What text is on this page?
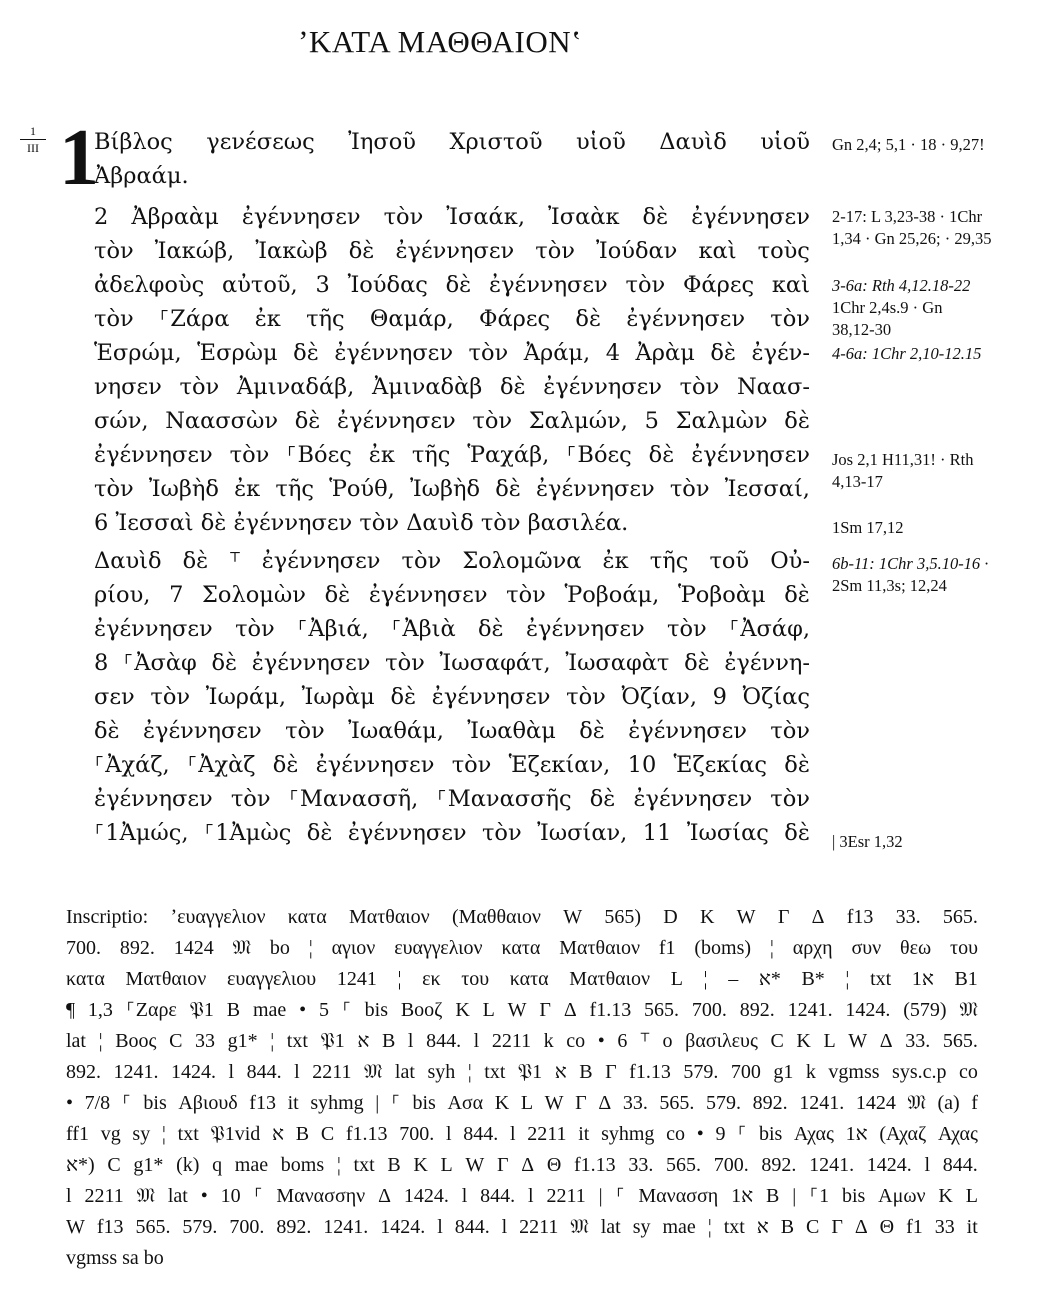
ʼΚΑΤΑ ΜΑΘΘΑΙΟΝʽ
1
III 1
Βίβλος γενέσεως Ἰησοῦ Χριστοῦ υἱοῦ Δαυὶδ υἱοῦ
Ἀβραάμ.
2 Ἀβραὰμ ἐγέννησεν τὸν Ἰσαάκ, Ἰσαὰκ δὲ ἐγέννησεν
τὸν Ἰακώβ, Ἰακὼβ δὲ ἐγέννησεν τὸν Ἰούδαν καὶ τοὺς
ἀδελφοὺς αὐτοῦ, 3 Ἰούδας δὲ ἐγέννησεν τὸν Φάρες καὶ
τὸν ⸀Ζάρα ἐκ τῆς Θαμάρ, Φάρες δὲ ἐγέννησεν τὸν
Ἑσρώμ, Ἑσρὼμ δὲ ἐγέννησεν τὸν Ἀράμ, 4 Ἀρὰμ δὲ ἐγέν-
νησεν τὸν Ἀμιναδάβ, Ἀμιναδὰβ δὲ ἐγέννησεν τὸν Ναασ-
σών, Ναασσὼν δὲ ἐγέννησεν τὸν Σαλμών, 5 Σαλμὼν δὲ
ἐγέννησεν τὸν ⸀Βόες ἐκ τῆς Ῥαχάβ, ⸀Βόες δὲ ἐγέννησεν
τὸν Ἰωβὴδ ἐκ τῆς Ῥούθ, Ἰωβὴδ δὲ ἐγέννησεν τὸν Ἰεσσαί,
6 Ἰεσσαὶ δὲ ἐγέννησεν τὸν Δαυὶδ τὸν βασιλέα.
Δαυὶδ δὲ ⸆ ἐγέννησεν τὸν Σολομῶνα ἐκ τῆς τοῦ Οὐ-
ρίου, 7 Σολομὼν δὲ ἐγέννησεν τὸν Ῥοβοάμ, Ῥοβοὰμ δὲ
ἐγέννησεν τὸν ⸀Ἀβιά, ⸀Ἀβιὰ δὲ ἐγέννησεν τὸν ⸀Ἀσάφ,
8 ⸀Ἀσὰφ δὲ ἐγέννησεν τὸν Ἰωσαφάτ, Ἰωσαφὰτ δὲ ἐγέννη-
σεν τὸν Ἰωράμ, Ἰωρὰμ δὲ ἐγέννησεν τὸν Ὀζίαν, 9 Ὀζίας
δὲ ἐγέννησεν τὸν Ἰωαθάμ, Ἰωαθὰμ δὲ ἐγέννησεν τὸν
⸀Ἀχάζ, ⸀Ἀχὰζ δὲ ἐγέννησεν τὸν Ἑζεκίαν, 10 Ἑζεκίας δὲ
ἐγέννησεν τὸν ⸀Μανασσῆ, ⸀Μανασσῆς δὲ ἐγέννησεν τὸν
⸀1Ἀμώς, ⸀1Ἀμὼς δὲ ἐγέννησεν τὸν Ἰωσίαν, 11 Ἰωσίας δὲ
Gn 2,4; 5,1 · 18 · 9,27!
2-17: L 3,23-38 · 1Chr
1,34 · Gn 25,26; · 29,35
3-6a: Rth 4,12.18-22
1Chr 2,4s.9 · Gn
38,12-30
4-6a: 1Chr 2,10-12.15
Jos 2,1 H11,31! · Rth
4,13-17
1Sm 17,12
6b-11: 1Chr 3,5.10-16 ·
2Sm 11,3s; 12,24
| 3Esr 1,32
Inscriptio: ʼευαγγελιον κατα Ματθαιον (Μαθθαιον W 565) D K W Γ Δ f13 33. 565.
700. 892. 1424 𝔐 bo ¦ αγιον ευαγγελιον κατα Ματθαιον f1 (boms) ¦ αρχη συν θεω του
κατα Ματθαιον ευαγγελιου 1241 ¦ εκ του κατα Ματθαιον L ¦ – א* B* ¦ txt א1 B1
¶ 1,3 ⸀Ζαρε 𝔓1 B mae • 5 ⸀ bis Βοοζ K L W Γ Δ f1.13 565. 700. 892. 1241. 1424. (579) 𝔐
lat ¦ Βοος C 33 g1* ¦ txt 𝔓1 א B l 844. l 2211 k co • 6 ⸆ ο βασιλευς C K L W Δ 33. 565.
892. 1241. 1424. l 844. l 2211 𝔐 lat syh ¦ txt 𝔓1 א B Γ f1.13 579. 700 g1 k vgmss sys.c.p co
• 7/8 ⸀ bis Αβιουδ f13 it syhmg | ⸀ bis Ασα K L W Γ Δ 33. 565. 579. 892. 1241. 1424 𝔐 (a) f
ff1 vg sy ¦ txt 𝔓1vid א B C f1.13 700. l 844. l 2211 it syhmg co • 9 ⸀ bis Αχας א1 (Αχαζ Αχας
א*) C g1* (k) q mae boms ¦ txt B K L W Γ Δ Θ f1.13 33. 565. 700. 892. 1241. 1424. l 844.
l 2211 𝔐 lat • 10 ⸀ Μανασσην Δ 1424. l 844. l 2211 | ⸀ Μανασση א1 B | ⸀1 bis Αμων K L
W f13 565. 579. 700. 892. 1241. 1424. l 844. l 2211 𝔐 lat sy mae ¦ txt א B C Γ Δ Θ f1 33 it
vgmss sa bo
